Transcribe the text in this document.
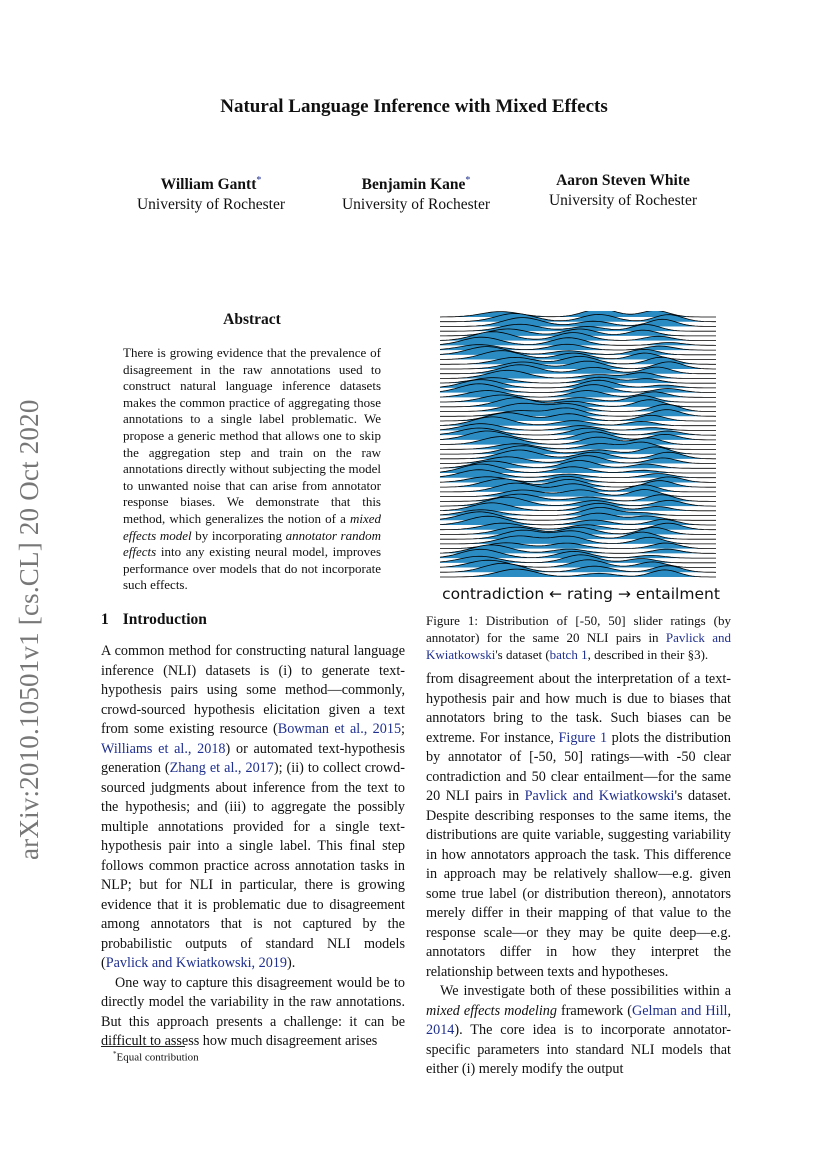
arXiv:2010.10501v1 [cs.CL] 20 Oct 2020
Natural Language Inference with Mixed Effects
William Gantt*
University of Rochester
Benjamin Kane*
University of Rochester
Aaron Steven White
University of Rochester
Abstract
There is growing evidence that the prevalence of disagreement in the raw annotations used to construct natural language inference datasets makes the common practice of aggregating those annotations to a single label problematic. We propose a generic method that allows one to skip the aggregation step and train on the raw annotations directly without subjecting the model to unwanted noise that can arise from annotator response biases. We demonstrate that this method, which generalizes the notion of a mixed effects model by incorporating annotator random effects into any existing neural model, improves performance over models that do not incorporate such effects.
1 Introduction

A common method for constructing natural language inference (NLI) datasets is (i) to generate text-hypothesis pairs using some method—commonly, crowd-sourced hypothesis elicitation given a text from some existing resource (Bowman et al., 2015; Williams et al., 2018) or automated text-hypothesis generation (Zhang et al., 2017); (ii) to collect crowd-sourced judgments about inference from the text to the hypothesis; and (iii) to aggregate the possibly multiple annotations provided for a single text-hypothesis pair into a single label. This final step follows common practice across annotation tasks in NLP; but for NLI in particular, there is growing evidence that it is problematic due to disagreement among annotators that is not captured by the probabilistic outputs of standard NLI models (Pavlick and Kwiatkowski, 2019).

One way to capture this disagreement would be to directly model the variability in the raw annotations. But this approach presents a challenge: it can be difficult to assess how much disagreement arises

*Equal contribution
contradiction ← rating → entailment
Figure 1: Distribution of [-50, 50] slider ratings (by annotator) for the same 20 NLI pairs in Pavlick and Kwiatkowski's dataset (batch 1, described in their §3).

from disagreement about the interpretation of a text-hypothesis pair and how much is due to biases that annotators bring to the task. Such biases can be extreme. For instance, Figure 1 plots the distribution by annotator of [-50, 50] ratings—with -50 clear contradiction and 50 clear entailment—for the same 20 NLI pairs in Pavlick and Kwiatkowski's dataset. Despite describing responses to the same items, the distributions are quite variable, suggesting variability in how annotators approach the task. This difference in approach may be relatively shallow—e.g. given some true label (or distribution thereon), annotators merely differ in their mapping of that value to the response scale—or they may be quite deep—e.g. annotators differ in how they interpret the relationship between texts and hypotheses.

We investigate both of these possibilities within a mixed effects modeling framework (Gelman and Hill, 2014). The core idea is to incorporate annotator-specific parameters into standard NLI models that either (i) merely modify the output
